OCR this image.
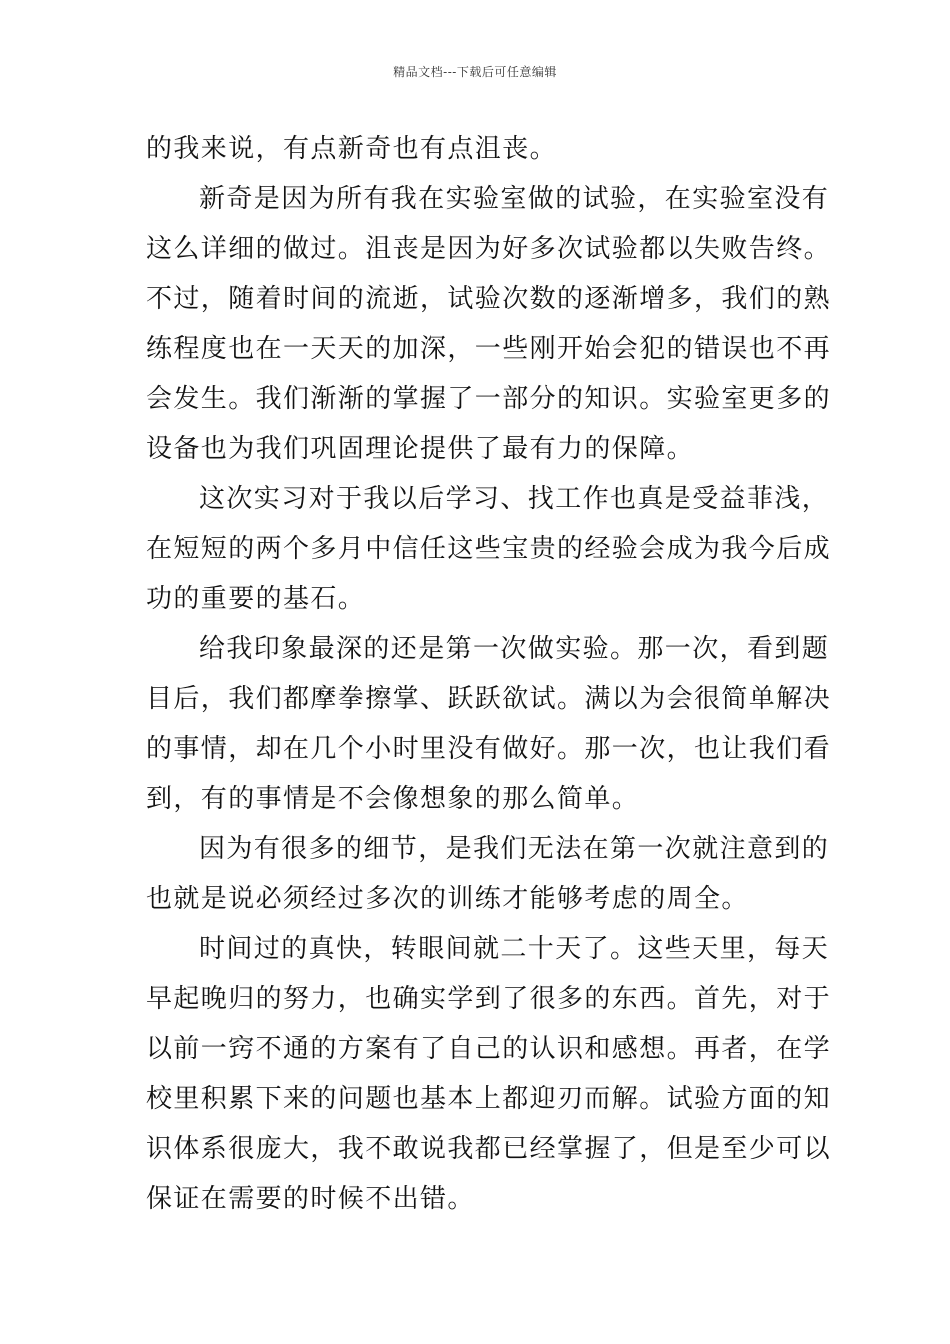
精品文档---下载后可任意编辑
的我来说，有点新奇也有点沮丧。
新奇是因为所有我在实验室做的试验，在实验室没有
这么详细的做过。沮丧是因为好多次试验都以失败告终。
不过，随着时间的流逝，试验次数的逐渐增多，我们的熟
练程度也在一天天的加深，一些刚开始会犯的错误也不再
会发生。我们渐渐的掌握了一部分的知识。实验室更多的
设备也为我们巩固理论提供了最有力的保障。
这次实习对于我以后学习、找工作也真是受益菲浅，
在短短的两个多月中信任这些宝贵的经验会成为我今后成
功的重要的基石。
给我印象最深的还是第一次做实验。那一次，看到题
目后，我们都摩拳擦掌、跃跃欲试。满以为会很简单解决
的事情，却在几个小时里没有做好。那一次，也让我们看
到，有的事情是不会像想象的那么简单。
因为有很多的细节，是我们无法在第一次就注意到的
也就是说必须经过多次的训练才能够考虑的周全。
时间过的真快，转眼间就二十天了。这些天里，每天
早起晚归的努力，也确实学到了很多的东西。首先，对于
以前一窍不通的方案有了自己的认识和感想。再者，在学
校里积累下来的问题也基本上都迎刃而解。试验方面的知
识体系很庞大，我不敢说我都已经掌握了，但是至少可以
保证在需要的时候不出错。
